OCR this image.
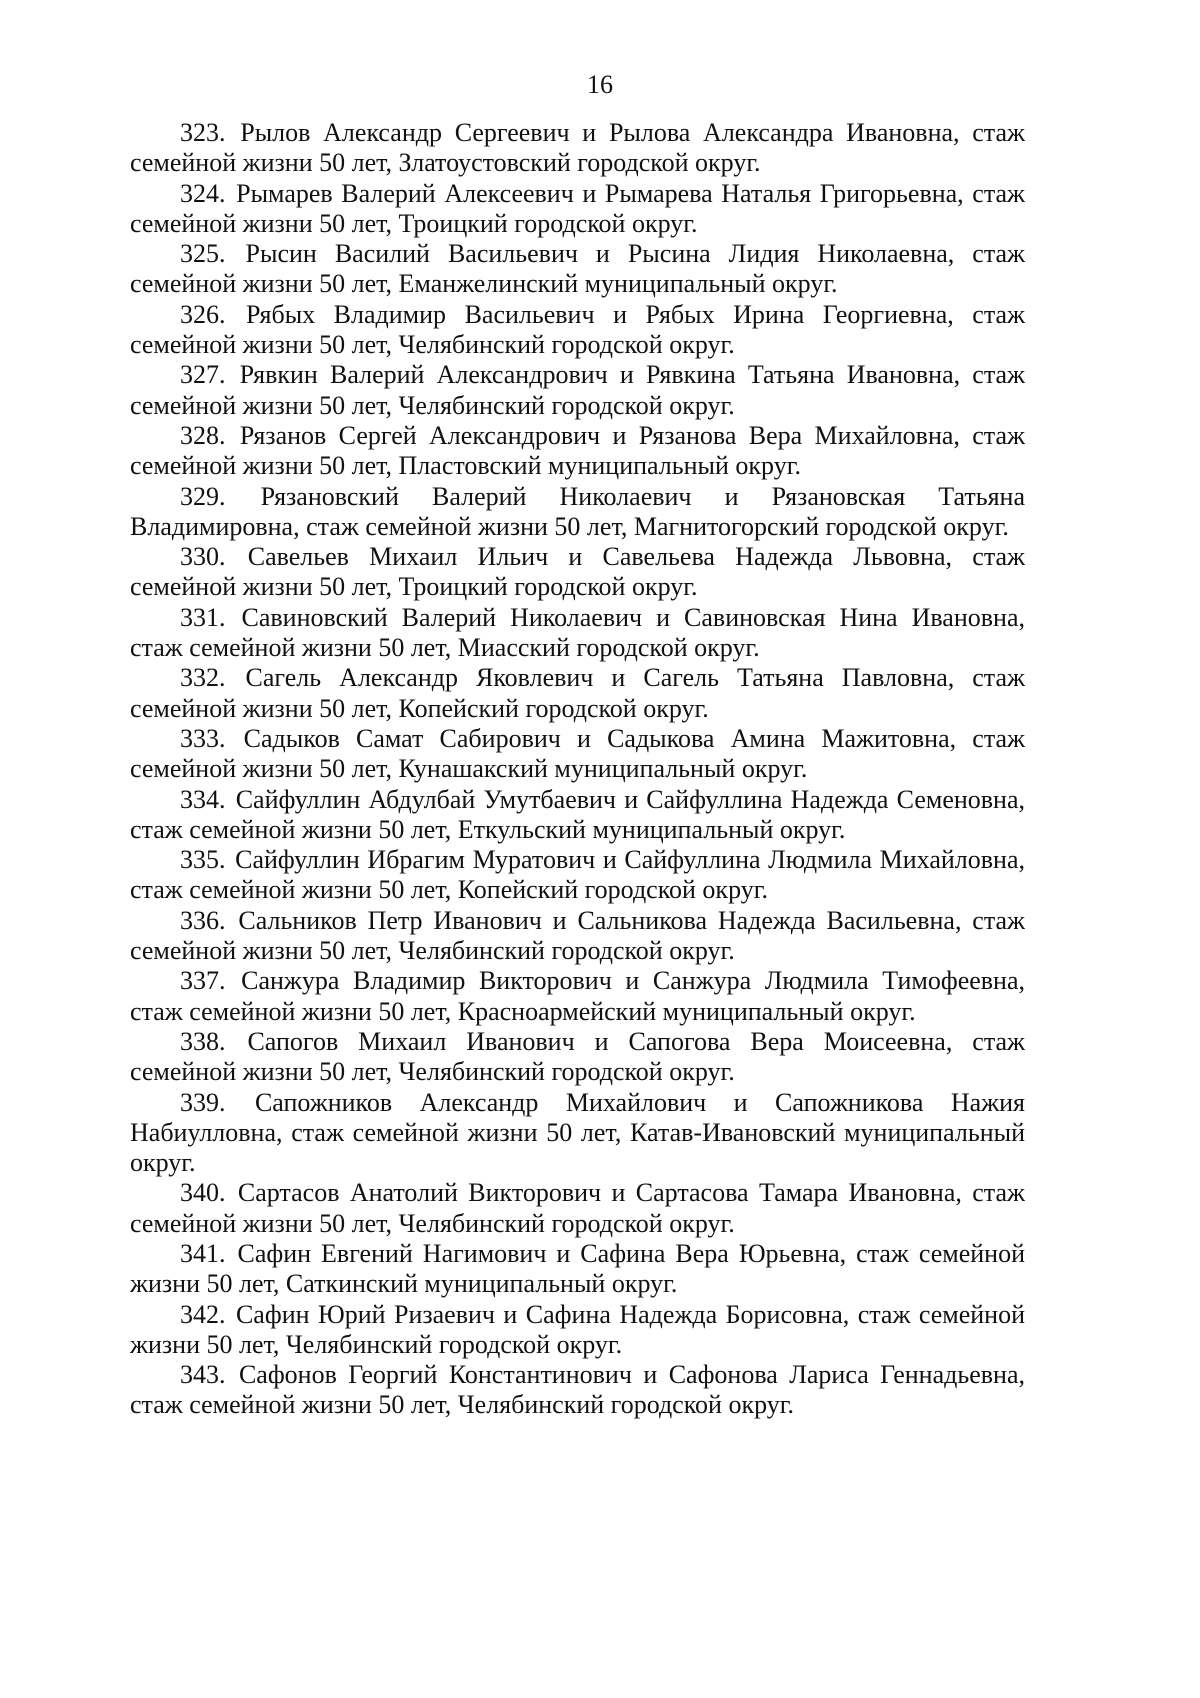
16
323. Рылов Александр Сергеевич и Рылова Александра Ивановна, стаж семейной жизни 50 лет, Златоустовский городской округ.
324. Рымарев Валерий Алексеевич и Рымарева Наталья Григорьевна, стаж семейной жизни 50 лет, Троицкий городской округ.
325. Рысин Василий Васильевич и Рысина Лидия Николаевна, стаж семейной жизни 50 лет, Еманжелинский муниципальный округ.
326. Рябых Владимир Васильевич и Рябых Ирина Георгиевна, стаж семейной жизни 50 лет, Челябинский городской округ.
327. Рявкин Валерий Александрович и Рявкина Татьяна Ивановна, стаж семейной жизни 50 лет, Челябинский городской округ.
328. Рязанов Сергей Александрович и Рязанова Вера Михайловна, стаж семейной жизни 50 лет, Пластовский муниципальный округ.
329. Рязановский Валерий Николаевич и Рязановская Татьяна Владимировна, стаж семейной жизни 50 лет, Магнитогорский городской округ.
330. Савельев Михаил Ильич и Савельева Надежда Львовна, стаж семейной жизни 50 лет, Троицкий городской округ.
331. Савиновский Валерий Николаевич и Савиновская Нина Ивановна, стаж семейной жизни 50 лет, Миасский городской округ.
332. Сагель Александр Яковлевич и Сагель Татьяна Павловна, стаж семейной жизни 50 лет, Копейский городской округ.
333. Садыков Самат Сабирович и Садыкова Амина Мажитовна, стаж семейной жизни 50 лет, Кунашакский муниципальный округ.
334. Сайфуллин Абдулбай Умутбаевич и Сайфуллина Надежда Семеновна, стаж семейной жизни 50 лет, Еткульский муниципальный округ.
335. Сайфуллин Ибрагим Муратович и Сайфуллина Людмила Михайловна, стаж семейной жизни 50 лет, Копейский городской округ.
336. Сальников Петр Иванович и Сальникова Надежда Васильевна, стаж семейной жизни 50 лет, Челябинский городской округ.
337. Санжура Владимир Викторович и Санжура Людмила Тимофеевна, стаж семейной жизни 50 лет, Красноармейский муниципальный округ.
338. Сапогов Михаил Иванович и Сапогова Вера Моисеевна, стаж семейной жизни 50 лет, Челябинский городской округ.
339. Сапожников Александр Михайлович и Сапожникова Нажия Набиулловна, стаж семейной жизни 50 лет, Катав-Ивановский муниципальный округ.
340. Сартасов Анатолий Викторович и Сартасова Тамара Ивановна, стаж семейной жизни 50 лет, Челябинский городской округ.
341. Сафин Евгений Нагимович и Сафина Вера Юрьевна, стаж семейной жизни 50 лет, Саткинский муниципальный округ.
342. Сафин Юрий Ризаевич и Сафина Надежда Борисовна, стаж семейной жизни 50 лет, Челябинский городской округ.
343. Сафонов Георгий Константинович и Сафонова Лариса Геннадьевна, стаж семейной жизни 50 лет, Челябинский городской округ.
